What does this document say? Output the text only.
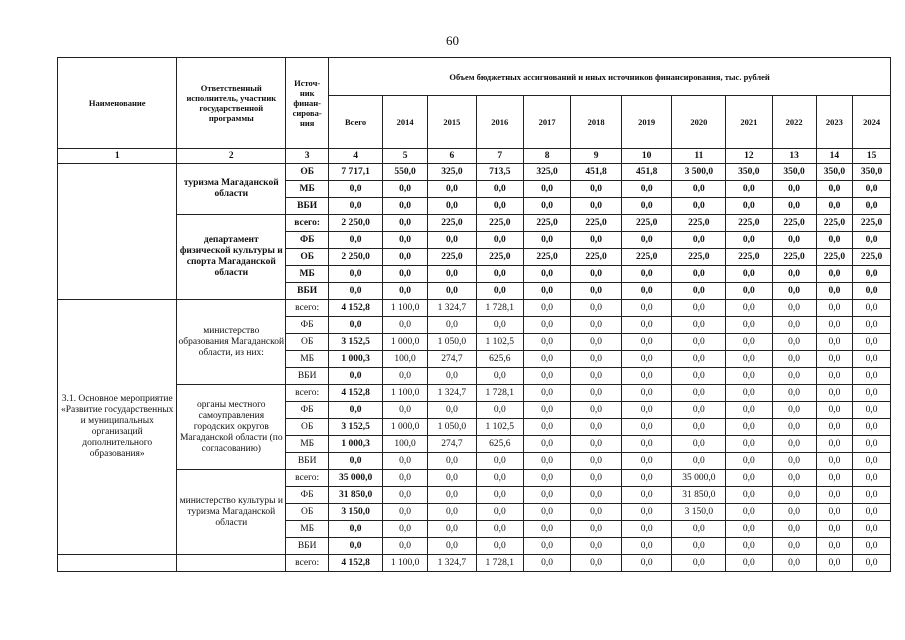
60
Наименование	Ответственный исполнитель, участник государственной программы	Источ-ник финан-сирова-ния	Объем бюджетных ассигнований и иных источников финансирования, тыс. рублей											
			Всего	2014	2015	2016	2017	2018	2019	2020	2021	2022	2023	2024
1	2	3	4	5	6	7	8	9	10	11	12	13	14	15
	туризма Магаданской области	ОБ	7 717,1	550,0	325,0	713,5	325,0	451,8	451,8	3 500,0	350,0	350,0	350,0	350,0
		МБ	0,0	0,0	0,0	0,0	0,0	0,0	0,0	0,0	0,0	0,0	0,0	0,0
		ВБИ	0,0	0,0	0,0	0,0	0,0	0,0	0,0	0,0	0,0	0,0	0,0	0,0
	департамент физической культуры и спорта Магаданской области	всего:	2 250,0	0,0	225,0	225,0	225,0	225,0	225,0	225,0	225,0	225,0	225,0	225,0
		ФБ	0,0	0,0	0,0	0,0	0,0	0,0	0,0	0,0	0,0	0,0	0,0	0,0
		ОБ	2 250,0	0,0	225,0	225,0	225,0	225,0	225,0	225,0	225,0	225,0	225,0	225,0
		МБ	0,0	0,0	0,0	0,0	0,0	0,0	0,0	0,0	0,0	0,0	0,0	0,0
		ВБИ	0,0	0,0	0,0	0,0	0,0	0,0	0,0	0,0	0,0	0,0	0,0	0,0
3.1. Основное мероприятие «Развитие государственных и муниципальных организаций дополнительного образования»	министерство образования Магаданской области, из них:	всего:	4 152,8	1 100,0	1 324,7	1 728,1	0,0	0,0	0,0	0,0	0,0	0,0	0,0	0,0
		ФБ	0,0	0,0	0,0	0,0	0,0	0,0	0,0	0,0	0,0	0,0	0,0	0,0
		ОБ	3 152,5	1 000,0	1 050,0	1 102,5	0,0	0,0	0,0	0,0	0,0	0,0	0,0	0,0
		МБ	1 000,3	100,0	274,7	625,6	0,0	0,0	0,0	0,0	0,0	0,0	0,0	0,0
		ВБИ	0,0	0,0	0,0	0,0	0,0	0,0	0,0	0,0	0,0	0,0	0,0	0,0
	органы местного самоуправления городских округов Магаданской области (по согласованию)	всего:	4 152,8	1 100,0	1 324,7	1 728,1	0,0	0,0	0,0	0,0	0,0	0,0	0,0	0,0
		ФБ	0,0	0,0	0,0	0,0	0,0	0,0	0,0	0,0	0,0	0,0	0,0	0,0
		ОБ	3 152,5	1 000,0	1 050,0	1 102,5	0,0	0,0	0,0	0,0	0,0	0,0	0,0	0,0
		МБ	1 000,3	100,0	274,7	625,6	0,0	0,0	0,0	0,0	0,0	0,0	0,0	0,0
		ВБИ	0,0	0,0	0,0	0,0	0,0	0,0	0,0	0,0	0,0	0,0	0,0	0,0
	министерство культуры и туризма Магаданской области	всего:	35 000,0	0,0	0,0	0,0	0,0	0,0	0,0	35 000,0	0,0	0,0	0,0	0,0
		ФБ	31 850,0	0,0	0,0	0,0	0,0	0,0	0,0	31 850,0	0,0	0,0	0,0	0,0
		ОБ	3 150,0	0,0	0,0	0,0	0,0	0,0	0,0	3 150,0	0,0	0,0	0,0	0,0
		МБ	0,0	0,0	0,0	0,0	0,0	0,0	0,0	0,0	0,0	0,0	0,0	0,0
		ВБИ	0,0	0,0	0,0	0,0	0,0	0,0	0,0	0,0	0,0	0,0	0,0	0,0
		всего:	4 152,8	1 100,0	1 324,7	1 728,1	0,0	0,0	0,0	0,0	0,0	0,0	0,0	0,0
